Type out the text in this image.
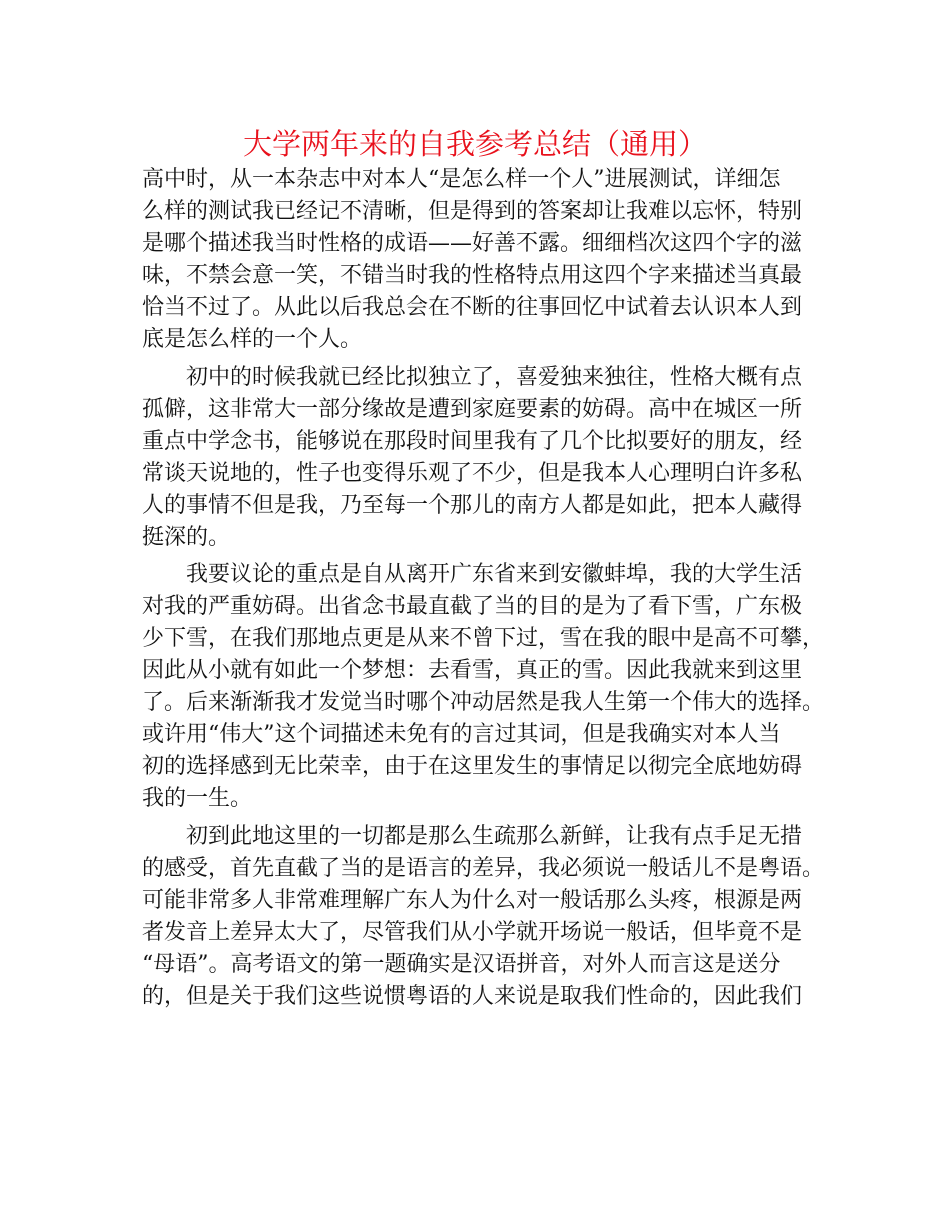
大学两年来的自我参考总结（通用）
高中时，从一本杂志中对本人“是怎么样一个人”进展测试，详细怎
么样的测试我已经记不清晰，但是得到的答案却让我难以忘怀，特别
是哪个描述我当时性格的成语——好善不露。细细档次这四个字的滋
味，不禁会意一笑，不错当时我的性格特点用这四个字来描述当真最
恰当不过了。从此以后我总会在不断的往事回忆中试着去认识本人到
底是怎么样的一个人。
　　初中的时候我就已经比拟独立了，喜爱独来独往，性格大概有点
孤僻，这非常大一部分缘故是遭到家庭要素的妨碍。高中在城区一所
重点中学念书，能够说在那段时间里我有了几个比拟要好的朋友，经
常谈天说地的，性子也变得乐观了不少，但是我本人心理明白许多私
人的事情不但是我，乃至每一个那儿的南方人都是如此，把本人藏得
挺深的。
　　我要议论的重点是自从离开广东省来到安徽蚌埠，我的大学生活
对我的严重妨碍。出省念书最直截了当的目的是为了看下雪，广东极
少下雪，在我们那地点更是从来不曾下过，雪在我的眼中是高不可攀，
因此从小就有如此一个梦想：去看雪，真正的雪。因此我就来到这里
了。后来渐渐我才发觉当时哪个冲动居然是我人生第一个伟大的选择。
或许用“伟大”这个词描述未免有的言过其词，但是我确实对本人当
初的选择感到无比荣幸，由于在这里发生的事情足以彻完全底地妨碍
我的一生。
　　初到此地这里的一切都是那么生疏那么新鲜，让我有点手足无措
的感受，首先直截了当的是语言的差异，我必须说一般话儿不是粤语。
可能非常多人非常难理解广东人为什么对一般话那么头疼，根源是两
者发音上差异太大了，尽管我们从小学就开场说一般话，但毕竟不是
“母语”。高考语文的第一题确实是汉语拼音，对外人而言这是送分
的，但是关于我们这些说惯粤语的人来说是取我们性命的，因此我们
